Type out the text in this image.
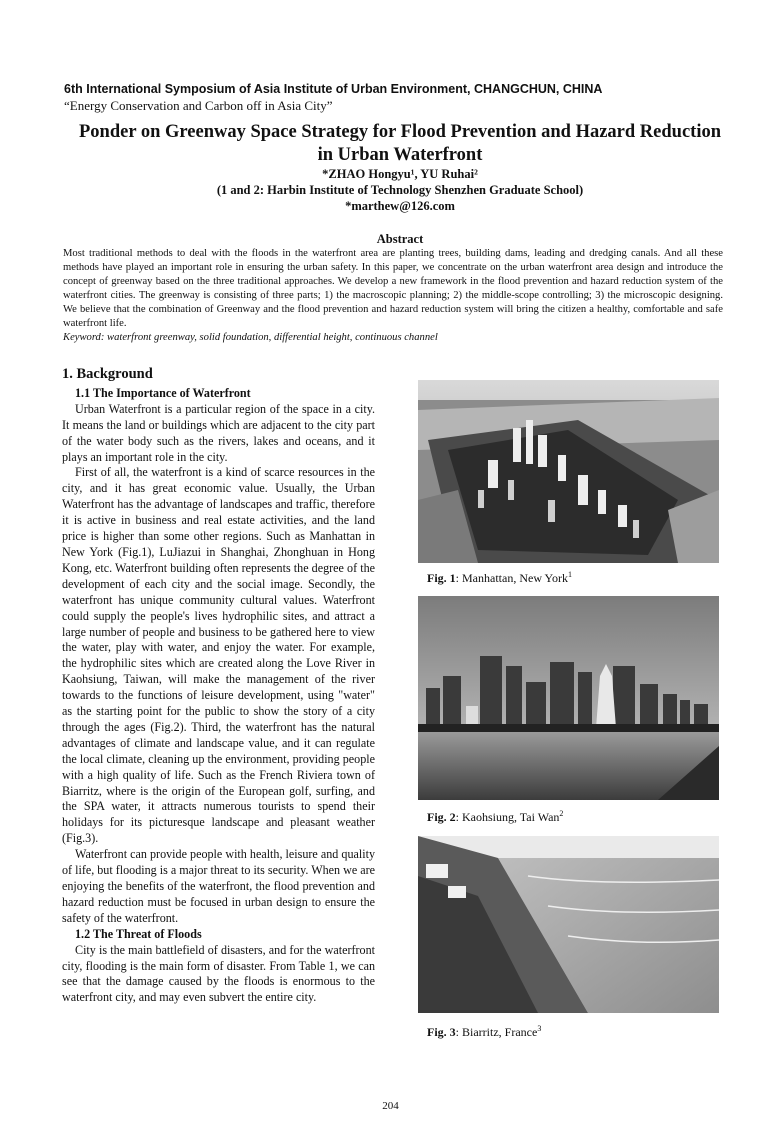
6th International Symposium of Asia Institute of Urban Environment, CHANGCHUN, CHINA
“Energy Conservation and Carbon off in Asia City”
Ponder on Greenway Space Strategy for Flood Prevention and Hazard Reduction
in Urban Waterfront
*ZHAO Hongyu¹, YU Ruhai²
(1 and 2: Harbin Institute of Technology Shenzhen Graduate School)
*marthew@126.com
Abstract
Most traditional methods to deal with the floods in the waterfront area are planting trees, building dams, leading and dredging canals. And all these methods have played an important role in ensuring the urban safety. In this paper, we concentrate on the urban waterfront area design and introduce the concept of greenway based on the three traditional approaches. We develop a new framework in the flood prevention and hazard reduction system of the waterfront cities. The greenway is consisting of three parts; 1) the macroscopic planning; 2) the middle-scope controlling; 3) the microscopic designing. We believe that the combination of Greenway and the flood prevention and hazard reduction system will bring the citizen a healthy, comfortable and safe waterfront life.
Keyword: waterfront greenway, solid foundation, differential height, continuous channel
1. Background
1.1 The Importance of Waterfront

Urban Waterfront is a particular region of the space in a city. It means the land or buildings which are adjacent to the city part of the water body such as the rivers, lakes and oceans, and it plays an important role in the city.

First of all, the waterfront is a kind of scarce resources in the city, and it has great economic value. Usually, the Urban Waterfront has the advantage of landscapes and traffic, therefore it is active in business and real estate activities, and the land price is higher than some other regions. Such as Manhattan in New York (Fig.1), LuJiazui in Shanghai, Zhonghuan in Hong Kong, etc. Waterfront building often represents the degree of the development of each city and the social image. Secondly, the waterfront has unique community cultural values. Waterfront could supply the people's lives hydrophilic sites, and attract a large number of people and business to be gathered here to view the water, play with water, and enjoy the water. For example, the hydrophilic sites which are created along the Love River in Kaohsiung, Taiwan, will make the management of the river towards to the functions of leisure development, using "water" as the starting point for the public to show the story of a city through the ages (Fig.2). Third, the waterfront has the natural advantages of climate and landscape value, and it can regulate the local climate, cleaning up the environment, providing people with a high quality of life. Such as the French Riviera town of Biarritz, where is the origin of the European golf, surfing, and the SPA water, it attracts numerous tourists to spend their holidays for its picturesque landscape and pleasant weather (Fig.3).

Waterfront can provide people with health, leisure and quality of life, but flooding is a major threat to its security. When we are enjoying the benefits of the waterfront, the flood prevention and hazard reduction must be focused in urban design to ensure the safety of the waterfront.

1.2 The Threat of Floods

City is the main battlefield of disasters, and for the waterfront city, flooding is the main form of disaster. From Table 1, we can see that the damage caused by the floods is enormous to the waterfront city, and may even subvert the entire city.

Fig. 1: Manhattan, New York$^1$
Fig. 2: Kaohsiung, Tai Wan$^2$
Fig. 3: Biarritz, France$^3$
204
